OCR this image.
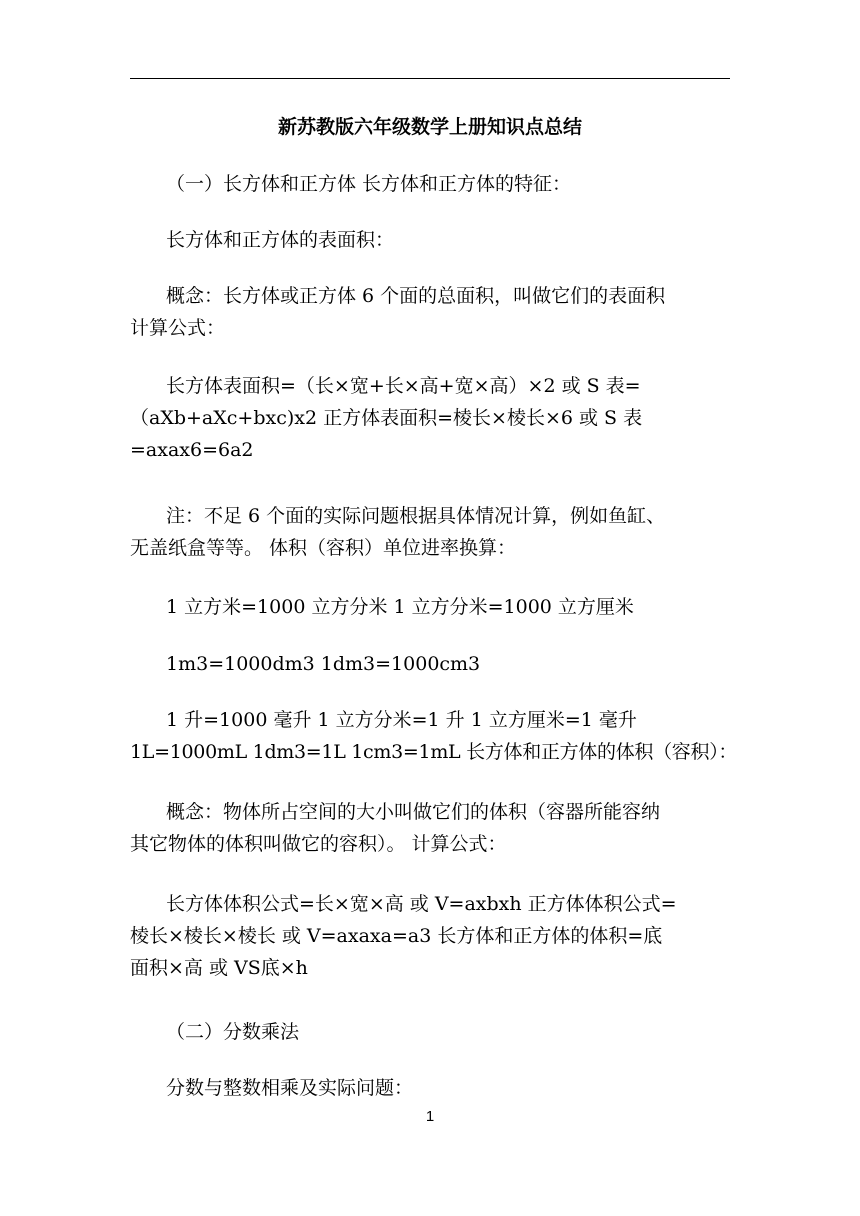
新苏教版六年级数学上册知识点总结
（一）长方体和正方体 长方体和正方体的特征：
长方体和正方体的表面积：
概念：长方体或正方体 6 个面的总面积，叫做它们的表面积
计算公式：
长方体表面积=（长×宽+长×高+宽×高）×2 或 S 表=
（aXb+aXc+bxc)x2 正方体表面积=棱长×棱长×6 或 S 表
=axax6=6a2
注：不足 6 个面的实际问题根据具体情况计算，例如鱼缸、
无盖纸盒等等。 体积（容积）单位进率换算：
1 立方米=1000 立方分米 1 立方分米=1000 立方厘米
1m3=1000dm3 1dm3=1000cm3
1 升=1000 毫升 1 立方分米=1 升 1 立方厘米=1 毫升
1L=1000mL 1dm3=1L 1cm3=1mL 长方体和正方体的体积（容积）：
概念：物体所占空间的大小叫做它们的体积（容器所能容纳
其它物体的体积叫做它的容积）。 计算公式：
长方体体积公式=长×宽×高 或 V=axbxh 正方体体积公式=
棱长×棱长×棱长 或 V=axaxa=a3 长方体和正方体的体积=底
面积×高 或 VS底×h
（二）分数乘法
分数与整数相乘及实际问题：
1
